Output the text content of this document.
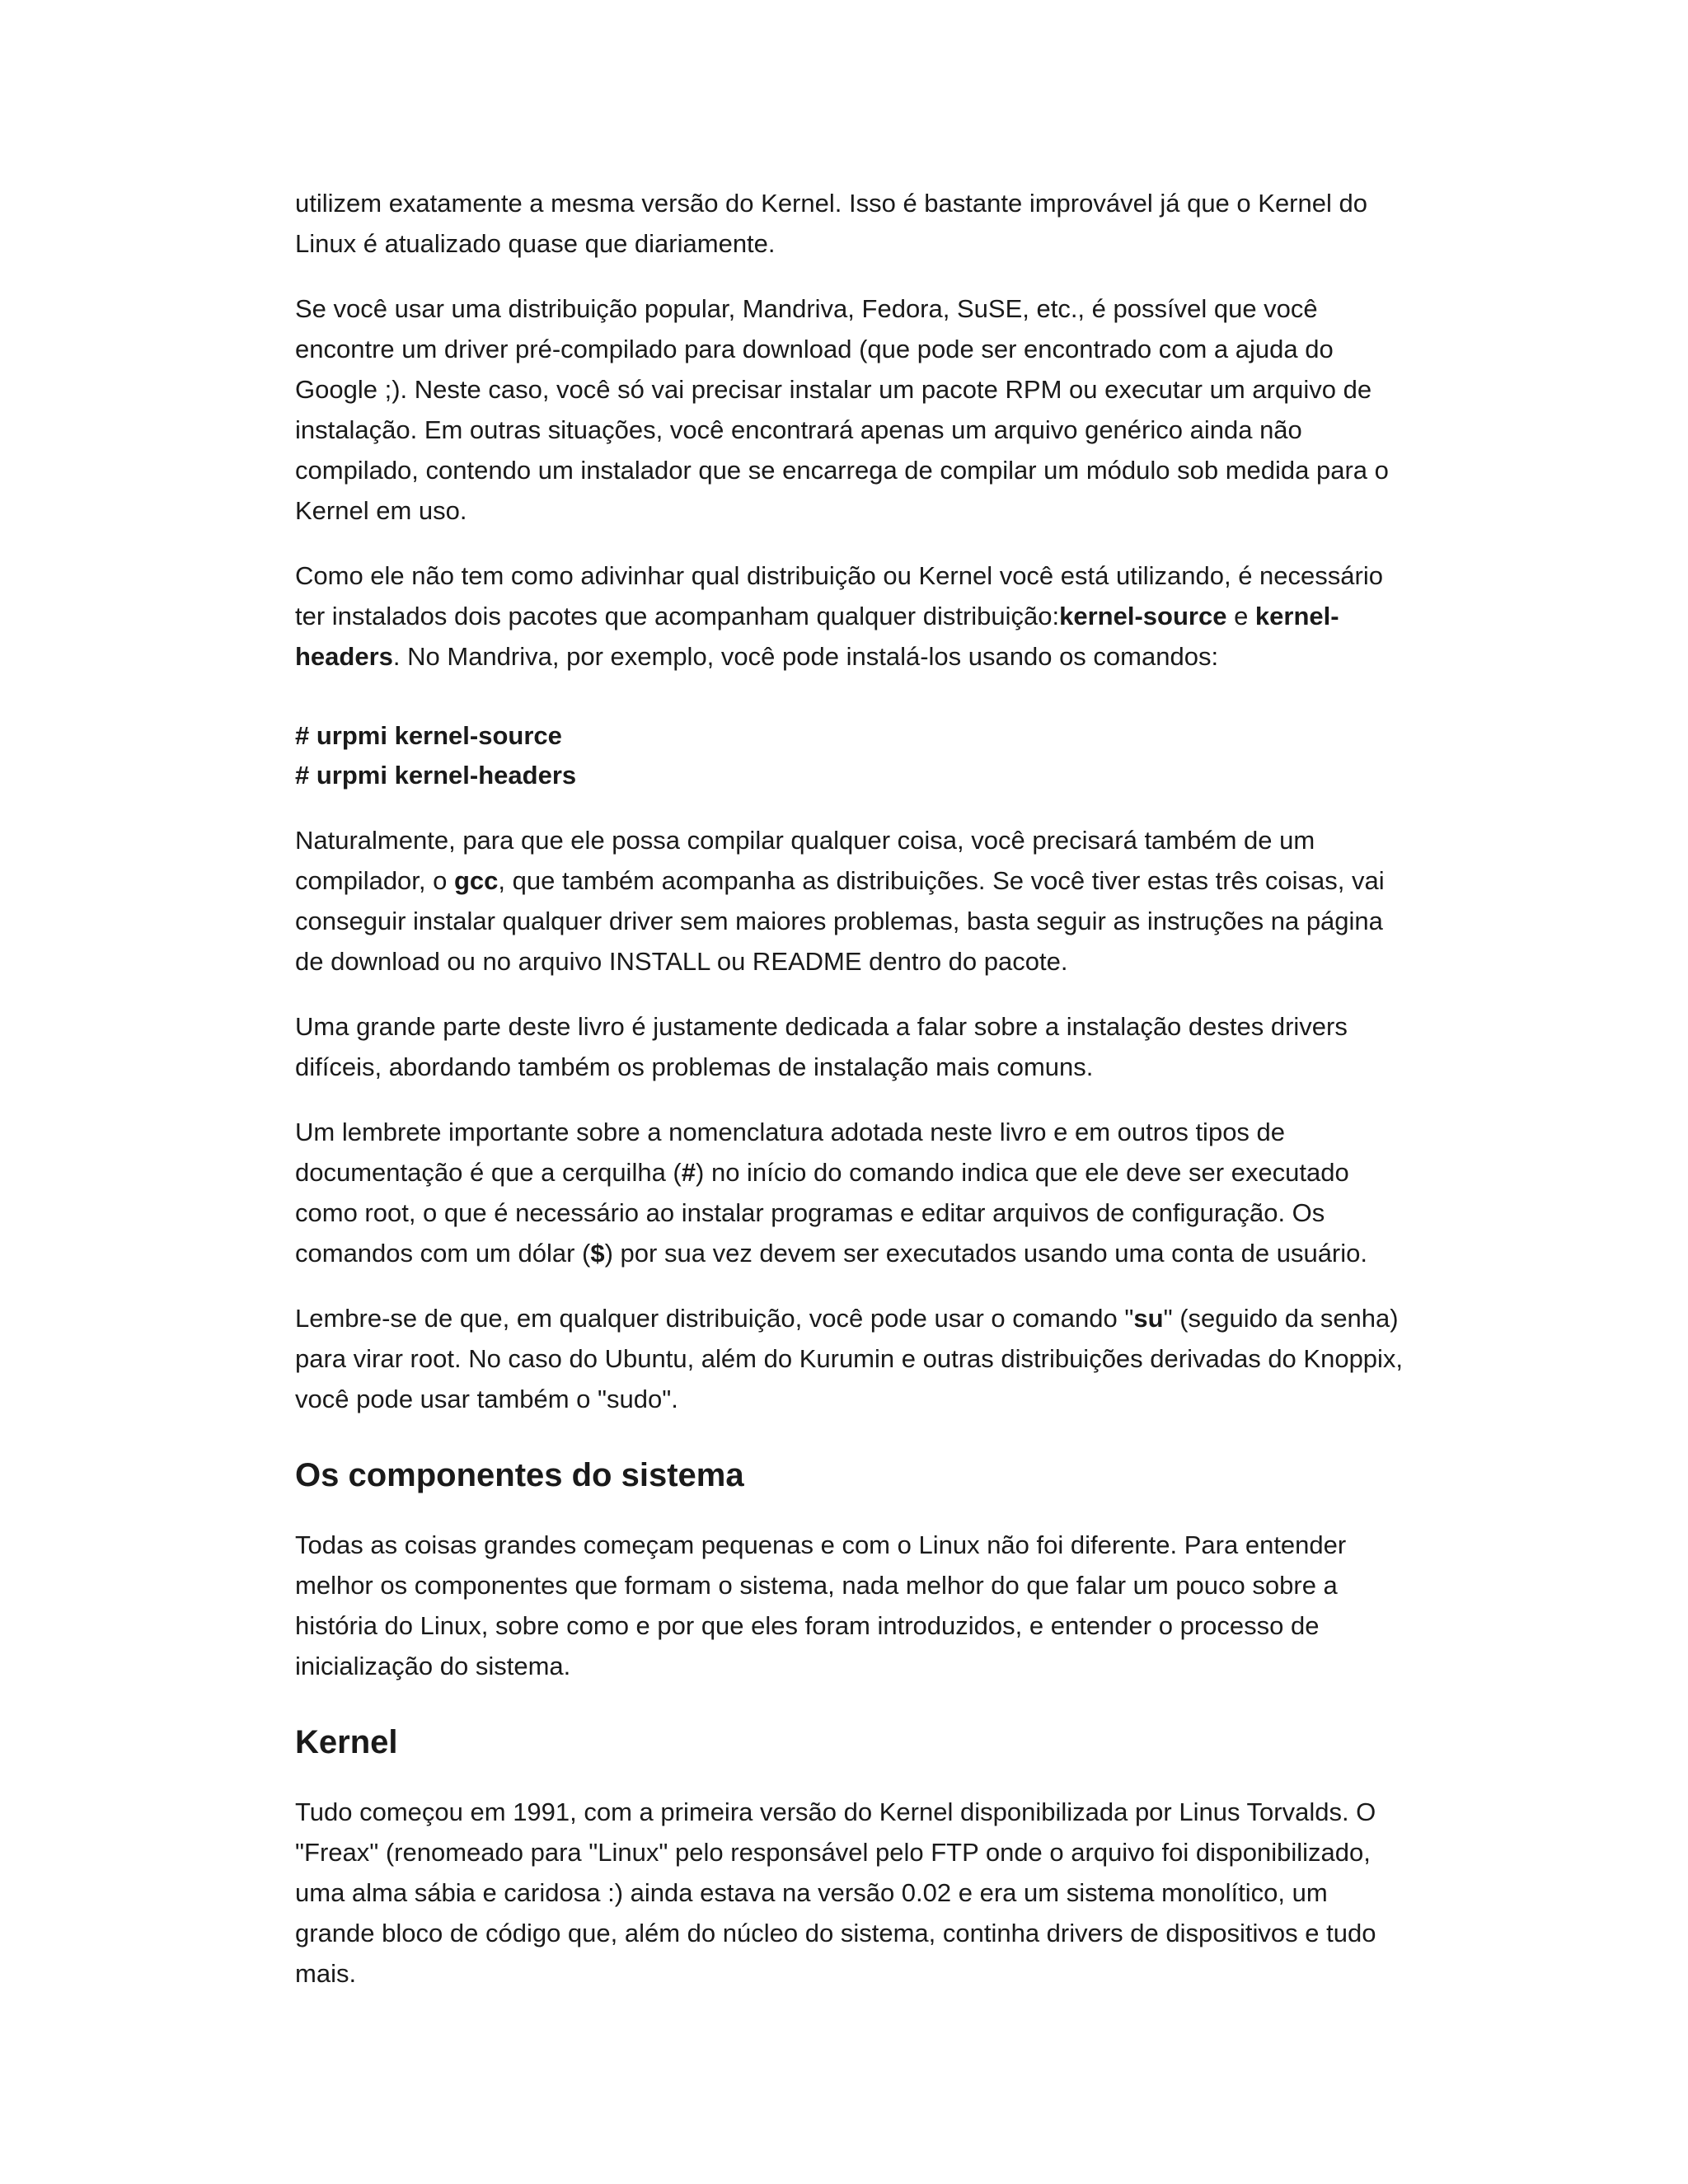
utilizem exatamente a mesma versão do Kernel. Isso é bastante improvável já que o Kernel do Linux é atualizado quase que diariamente.

Se você usar uma distribuição popular, Mandriva, Fedora, SuSE, etc., é possível que você encontre um driver pré-compilado para download (que pode ser encontrado com a ajuda do Google ;). Neste caso, você só vai precisar instalar um pacote RPM ou executar um arquivo de instalação. Em outras situações, você encontrará apenas um arquivo genérico ainda não compilado, contendo um instalador que se encarrega de compilar um módulo sob medida para o Kernel em uso.

Como ele não tem como adivinhar qual distribuição ou Kernel você está utilizando, é necessário ter instalados dois pacotes que acompanham qualquer distribuição:kernel-source e kernel-headers. No Mandriva, por exemplo, você pode instalá-los usando os comandos:

# urpmi kernel-source
# urpmi kernel-headers

Naturalmente, para que ele possa compilar qualquer coisa, você precisará também de um compilador, o gcc, que também acompanha as distribuições. Se você tiver estas três coisas, vai conseguir instalar qualquer driver sem maiores problemas, basta seguir as instruções na página de download ou no arquivo INSTALL ou README dentro do pacote.

Uma grande parte deste livro é justamente dedicada a falar sobre a instalação destes drivers difíceis, abordando também os problemas de instalação mais comuns.

Um lembrete importante sobre a nomenclatura adotada neste livro e em outros tipos de documentação é que a cerquilha (#) no início do comando indica que ele deve ser executado como root, o que é necessário ao instalar programas e editar arquivos de configuração. Os comandos com um dólar ($) por sua vez devem ser executados usando uma conta de usuário.

Lembre-se de que, em qualquer distribuição, você pode usar o comando "su" (seguido da senha) para virar root. No caso do Ubuntu, além do Kurumin e outras distribuições derivadas do Knoppix, você pode usar também o "sudo".

Os componentes do sistema

Todas as coisas grandes começam pequenas e com o Linux não foi diferente. Para entender melhor os componentes que formam o sistema, nada melhor do que falar um pouco sobre a história do Linux, sobre como e por que eles foram introduzidos, e entender o processo de inicialização do sistema.

Kernel

Tudo começou em 1991, com a primeira versão do Kernel disponibilizada por Linus Torvalds. O "Freax" (renomeado para "Linux" pelo responsável pelo FTP onde o arquivo foi disponibilizado, uma alma sábia e caridosa :) ainda estava na versão 0.02 e era um sistema monolítico, um grande bloco de código que, além do núcleo do sistema, continha drivers de dispositivos e tudo mais.
